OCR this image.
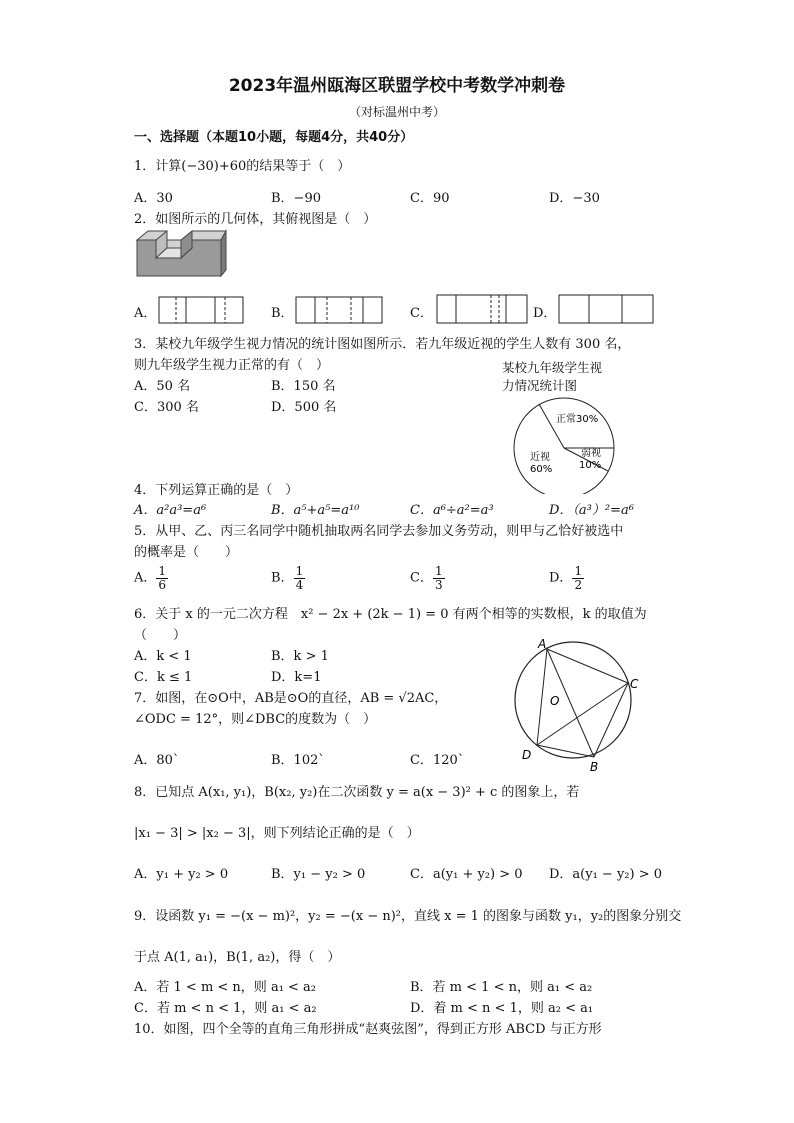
2023年温州瓯海区联盟学校中考数学冲刺卷
（对标温州中考）
一、选择题（本题10小题，每题4分，共40分）
1．计算(−30)+60的结果等于（　）
A．30	B．−90	C．90	D．−30
2．如图所示的几何体，其俯视图是（　）
A．	B．	C．	D．
3．某校九年级学生视力情况的统计图如图所示．若九年级近视的学生人数有 300 名，
则九年级学生视力正常的有（　）
A．50 名	B．150 名
C．300 名	D．500 名
某校九年级学生视
力情况统计图
正常30%
近视
60%
弱视
10%
4．下列运算正确的是（　）
A．a²a³=a⁶	B．a⁵+a⁵=a¹⁰	C．a⁶÷a²=a³	D．（a³）²=a⁶
5．从甲、乙、丙三名同学中随机抽取两名同学去参加义务劳动，则甲与乙恰好被选中
的概率是（　　）
A． $\frac{1}{6}$	B． $\frac{1}{4}$	C． $\frac{1}{3}$	D． $\frac{1}{2}$
6．关于 x 的一元二次方程　x² − 2x + (2k − 1) = 0 有两个相等的实数根，k 的取值为
（　　）
A．k < 1	B．k > 1
C．k ≤ 1	D．k=1
7．如图，在⊙O中，AB是⊙O的直径，AB = √2AC，
∠ODC = 12°，则∠DBC的度数为（　）
A．80`	B．102`	C．120`
A
C
O
D
B
8．已知点 A(x₁, y₁)，B(x₂, y₂)在二次函数 y = a(x − 3)² + c 的图象上，若
|x₁ − 3| > |x₂ − 3|，则下列结论正确的是（　）
A．y₁ + y₂ > 0	B．y₁ − y₂ > 0	C．a(y₁ + y₂) > 0 D．a(y₁ − y₂) > 0
9．设函数 y₁ = −(x − m)²，y₂ = −(x − n)²，直线 x = 1 的图象与函数 y₁，y₂的图象分别交
于点 A(1, a₁)，B(1, a₂)，得（　）
A．若 1 < m < n，则 a₁ < a₂	B．若 m < 1 < n，则 a₁ < a₂
C．若 m < n < 1，则 a₁ < a₂	D．着 m < n < 1，则 a₂ < a₁
10．如图，四个全等的直角三角形拼成“赵爽弦图”，得到正方形 ABCD 与正方形
